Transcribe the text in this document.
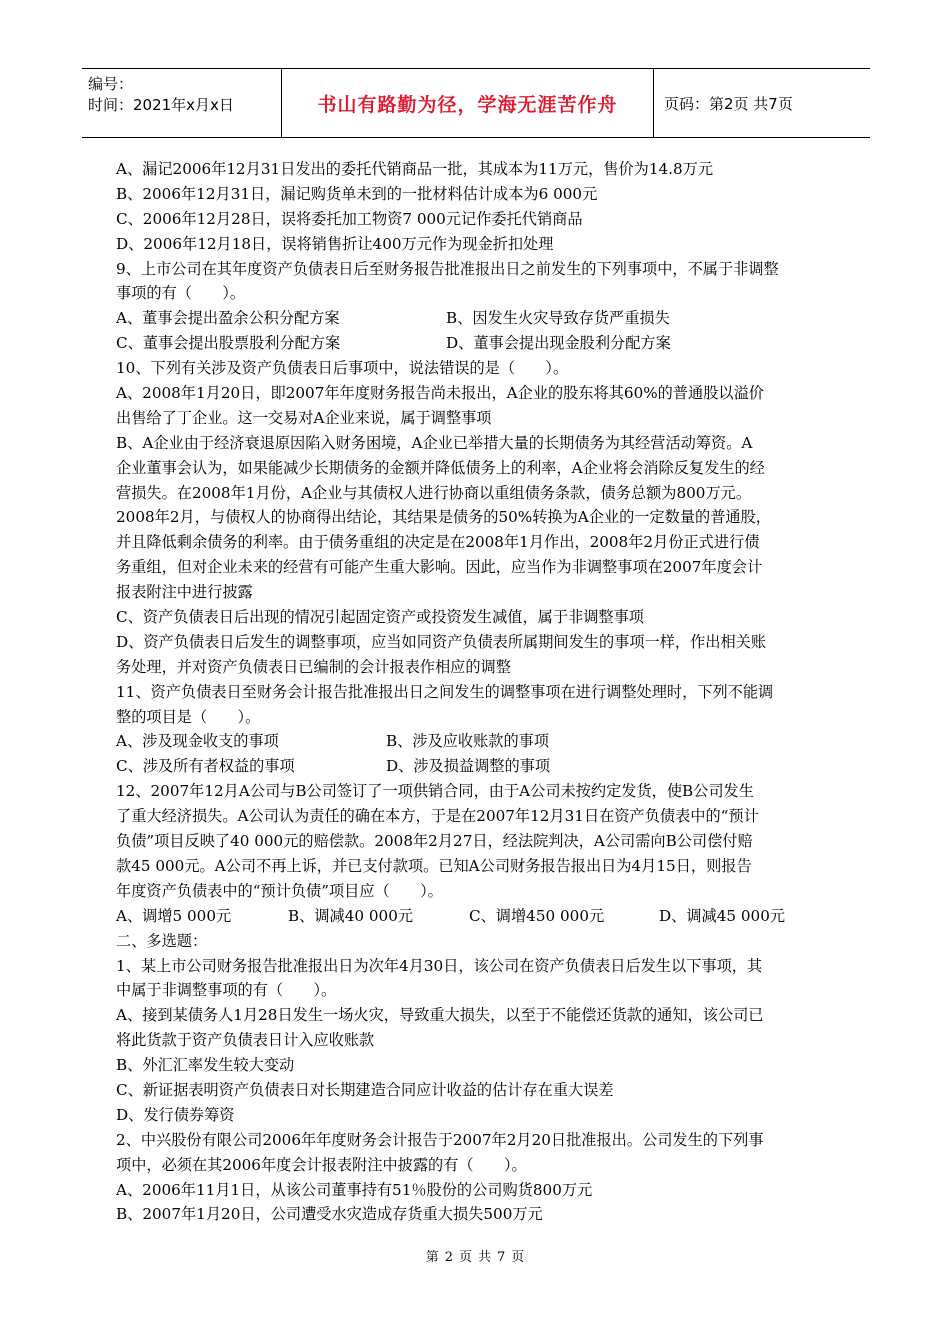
编号：
时间：2021年x月x日	书山有路勤为径，学海无涯苦作舟	页码：第2页 共7页
A、漏记2006年12月31日发出的委托代销商品一批，其成本为11万元，售价为14.8万元
B、2006年12月31日，漏记购货单未到的一批材料估计成本为6 000元
C、2006年12月28日，误将委托加工物资7 000元记作委托代销商品
D、2006年12月18日，误将销售折让400万元作为现金折扣处理
9、上市公司在其年度资产负债表日后至财务报告批准报出日之前发生的下列事项中，不属于非调整
事项的有（　　）。
A、董事会提出盈余公积分配方案	B、因发生火灾导致存货严重损失
C、董事会提出股票股利分配方案	D、董事会提出现金股利分配方案
10、下列有关涉及资产负债表日后事项中，说法错误的是（　　）。
A、2008年1月20日，即2007年年度财务报告尚未报出，A企业的股东将其60%的普通股以溢价
出售给了丁企业。这一交易对A企业来说，属于调整事项
B、A企业由于经济衰退原因陷入财务困境，A企业已举措大量的长期债务为其经营活动筹资。A
企业董事会认为，如果能减少长期债务的金额并降低债务上的利率，A企业将会消除反复发生的经
营损失。在2008年1月份，A企业与其债权人进行协商以重组债务条款，债务总额为800万元。
2008年2月，与债权人的协商得出结论，其结果是债务的50%转换为A企业的一定数量的普通股，
并且降低剩余债务的利率。由于债务重组的决定是在2008年1月作出，2008年2月份正式进行债
务重组，但对企业未来的经营有可能产生重大影响。因此，应当作为非调整事项在2007年度会计
报表附注中进行披露
C、资产负债表日后出现的情况引起固定资产或投资发生减值，属于非调整事项
D、资产负债表日后发生的调整事项，应当如同资产负债表所属期间发生的事项一样，作出相关账
务处理，并对资产负债表日已编制的会计报表作相应的调整
11、资产负债表日至财务会计报告批准报出日之间发生的调整事项在进行调整处理时，下列不能调
整的项目是（　　）。
A、涉及现金收支的事项	B、涉及应收账款的事项
C、涉及所有者权益的事项	D、涉及损益调整的事项
12、2007年12月A公司与B公司签订了一项供销合同，由于A公司未按约定发货，使B公司发生
了重大经济损失。A公司认为责任的确在本方，于是在2007年12月31日在资产负债表中的“预计
负债”项目反映了40 000元的赔偿款。2008年2月27日，经法院判决，A公司需向B公司偿付赔
款45 000元。A公司不再上诉，并已支付款项。已知A公司财务报告报出日为4月15日，则报告
年度资产负债表中的“预计负债”项目应（　　）。
A、调增5 000元	B、调减40 000元	C、调增450 000元	D、调减45 000元
二、多选题：
1、某上市公司财务报告批准报出日为次年4月30日，该公司在资产负债表日后发生以下事项，其
中属于非调整事项的有（　　）。
A、接到某债务人1月28日发生一场火灾，导致重大损失，以至于不能偿还货款的通知，该公司已
将此货款于资产负债表日计入应收账款
B、外汇汇率发生较大变动
C、新证据表明资产负债表日对长期建造合同应计收益的估计存在重大误差
D、发行债券筹资
2、中兴股份有限公司2006年年度财务会计报告于2007年2月20日批准报出。公司发生的下列事
项中，必须在其2006年度会计报表附注中披露的有（　　）。
A、2006年11月1日，从该公司董事持有51％股份的公司购货800万元
B、2007年1月20日，公司遭受水灾造成存货重大损失500万元
第 2 页 共 7 页
